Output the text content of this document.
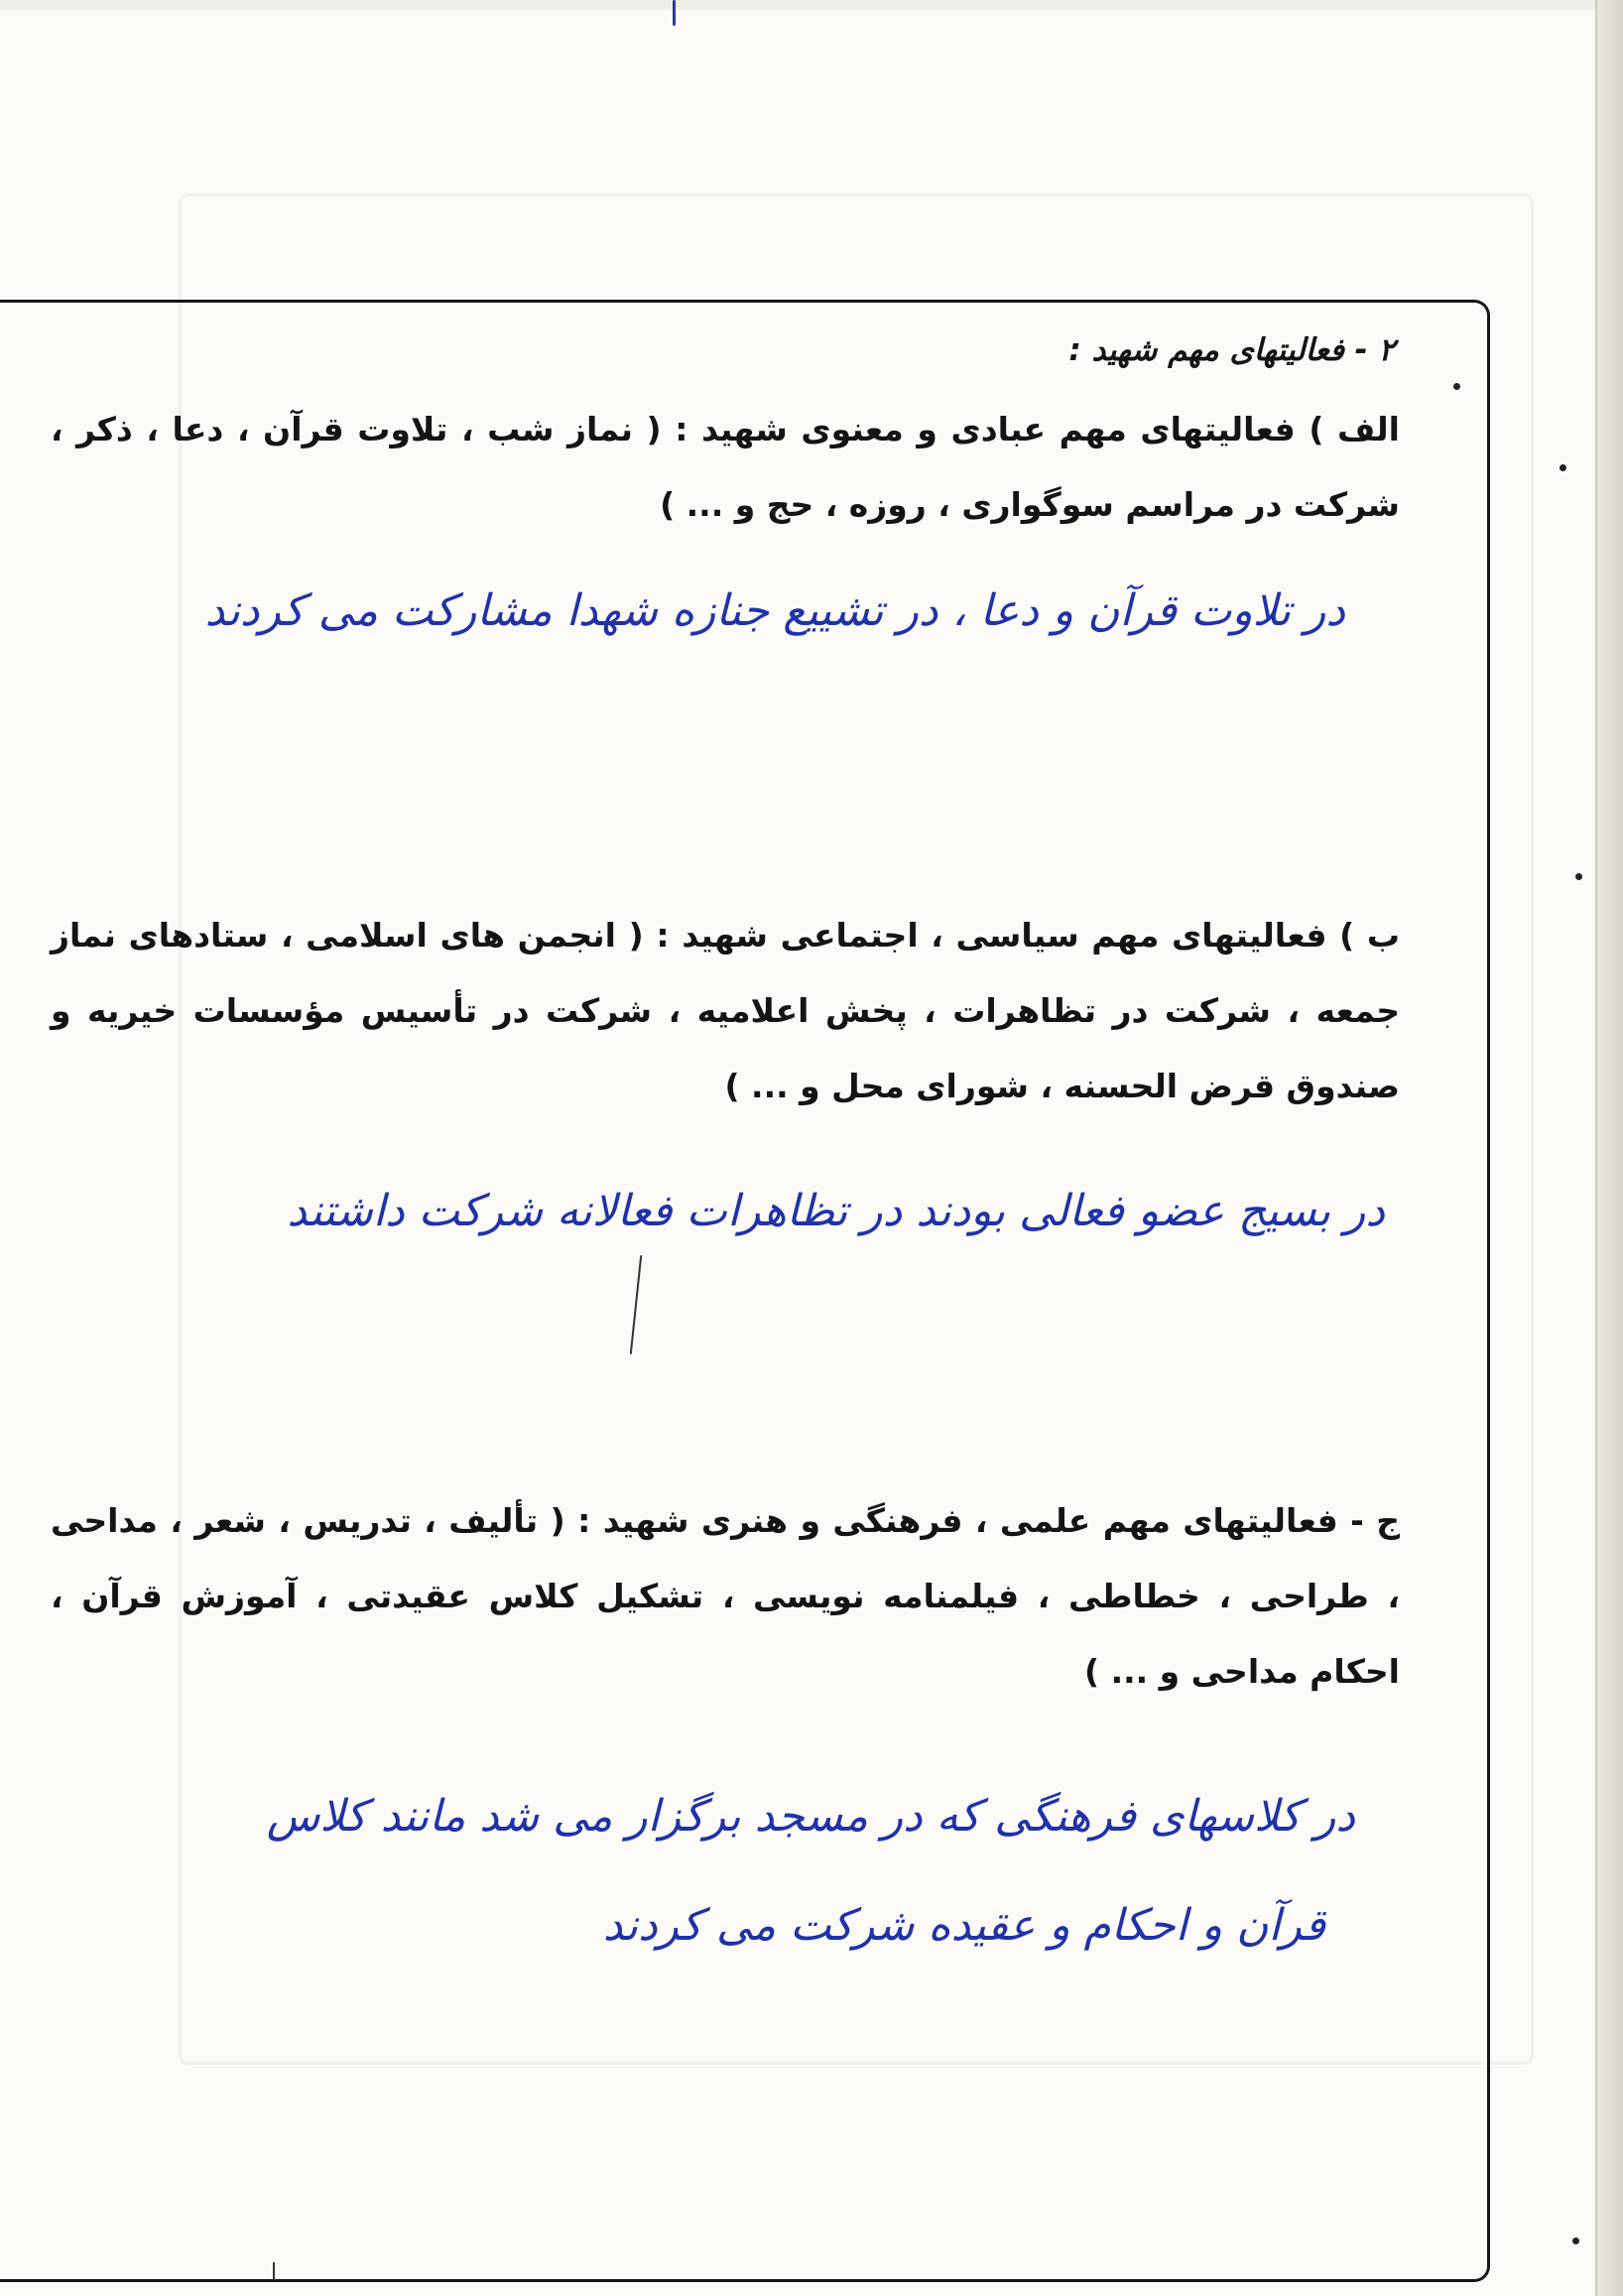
۲ - فعالیتهای مهم شهید :
الف ) فعالیتهای مهم عبادی و معنوی شهید : ( نماز شب ، تلاوت قرآن ، دعا ، ذکر ، شرکت در مراسم سوگواری ، روزه ، حج و ... )
در تلاوت قرآن و دعا ، در تشییع جنازه شهدا مشارکت می کردند
ب ) فعالیتهای مهم سیاسی ، اجتماعی شهید : ( انجمن های اسلامی ، ستادهای نماز جمعه ، شرکت در تظاهرات ، پخش اعلامیه ، شرکت در تأسیس مؤسسات خیریه و صندوق قرض الحسنه ، شورای محل و ... )
در بسیج عضو فعالی بودند در تظاهرات فعالانه شرکت داشتند
ج - فعالیتهای مهم علمی ، فرهنگی و هنری شهید : ( تألیف ، تدریس ، شعر ، مداحی ، طراحی ، خطاطی ، فیلمنامه نویسی ، تشکیل کلاس عقیدتی ، آموزش قرآن ، احکام مداحی و ... )
در کلاسهای فرهنگی که در مسجد برگزار می شد مانند کلاس
قرآن و احکام و عقیده شرکت می کردند
